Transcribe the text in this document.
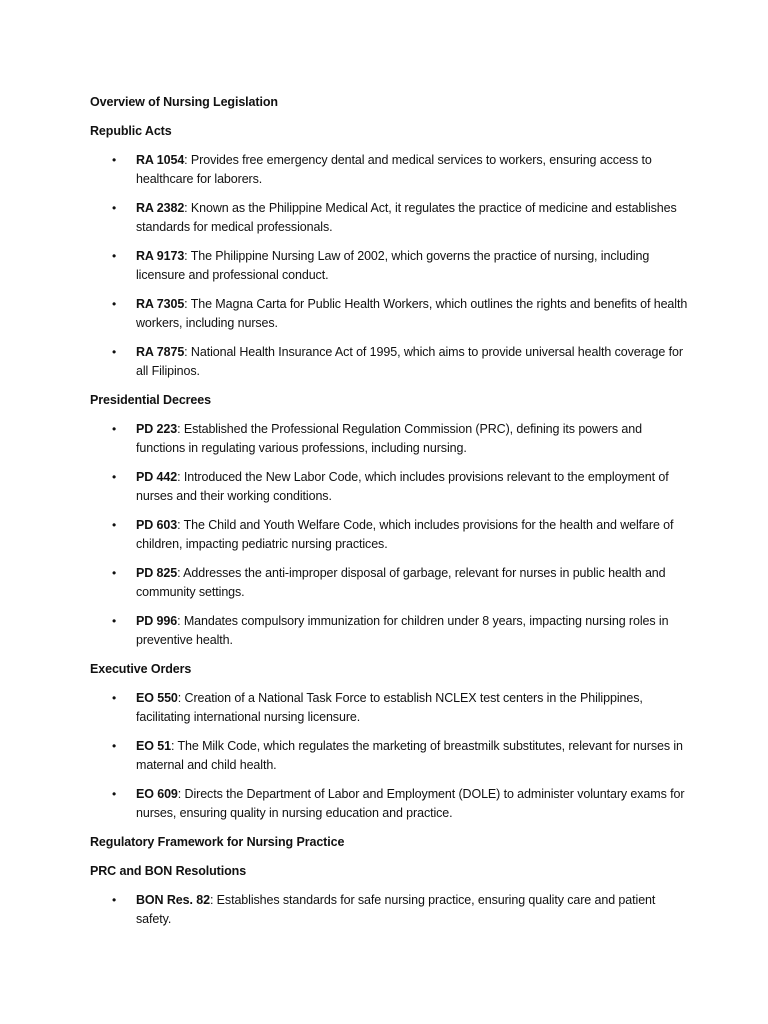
Overview of Nursing Legislation

Republic Acts

• RA 1054: Provides free emergency dental and medical services to workers, ensuring access to healthcare for laborers.
• RA 2382: Known as the Philippine Medical Act, it regulates the practice of medicine and establishes standards for medical professionals.
• RA 9173: The Philippine Nursing Law of 2002, which governs the practice of nursing, including licensure and professional conduct.
• RA 7305: The Magna Carta for Public Health Workers, which outlines the rights and benefits of health workers, including nurses.
• RA 7875: National Health Insurance Act of 1995, which aims to provide universal health coverage for all Filipinos.

Presidential Decrees

• PD 223: Established the Professional Regulation Commission (PRC), defining its powers and functions in regulating various professions, including nursing.
• PD 442: Introduced the New Labor Code, which includes provisions relevant to the employment of nurses and their working conditions.
• PD 603: The Child and Youth Welfare Code, which includes provisions for the health and welfare of children, impacting pediatric nursing practices.
• PD 825: Addresses the anti-improper disposal of garbage, relevant for nurses in public health and community settings.
• PD 996: Mandates compulsory immunization for children under 8 years, impacting nursing roles in preventive health.

Executive Orders

• EO 550: Creation of a National Task Force to establish NCLEX test centers in the Philippines, facilitating international nursing licensure.
• EO 51: The Milk Code, which regulates the marketing of breastmilk substitutes, relevant for nurses in maternal and child health.
• EO 609: Directs the Department of Labor and Employment (DOLE) to administer voluntary exams for nurses, ensuring quality in nursing education and practice.

Regulatory Framework for Nursing Practice

PRC and BON Resolutions

• BON Res. 82: Establishes standards for safe nursing practice, ensuring quality care and patient safety.
